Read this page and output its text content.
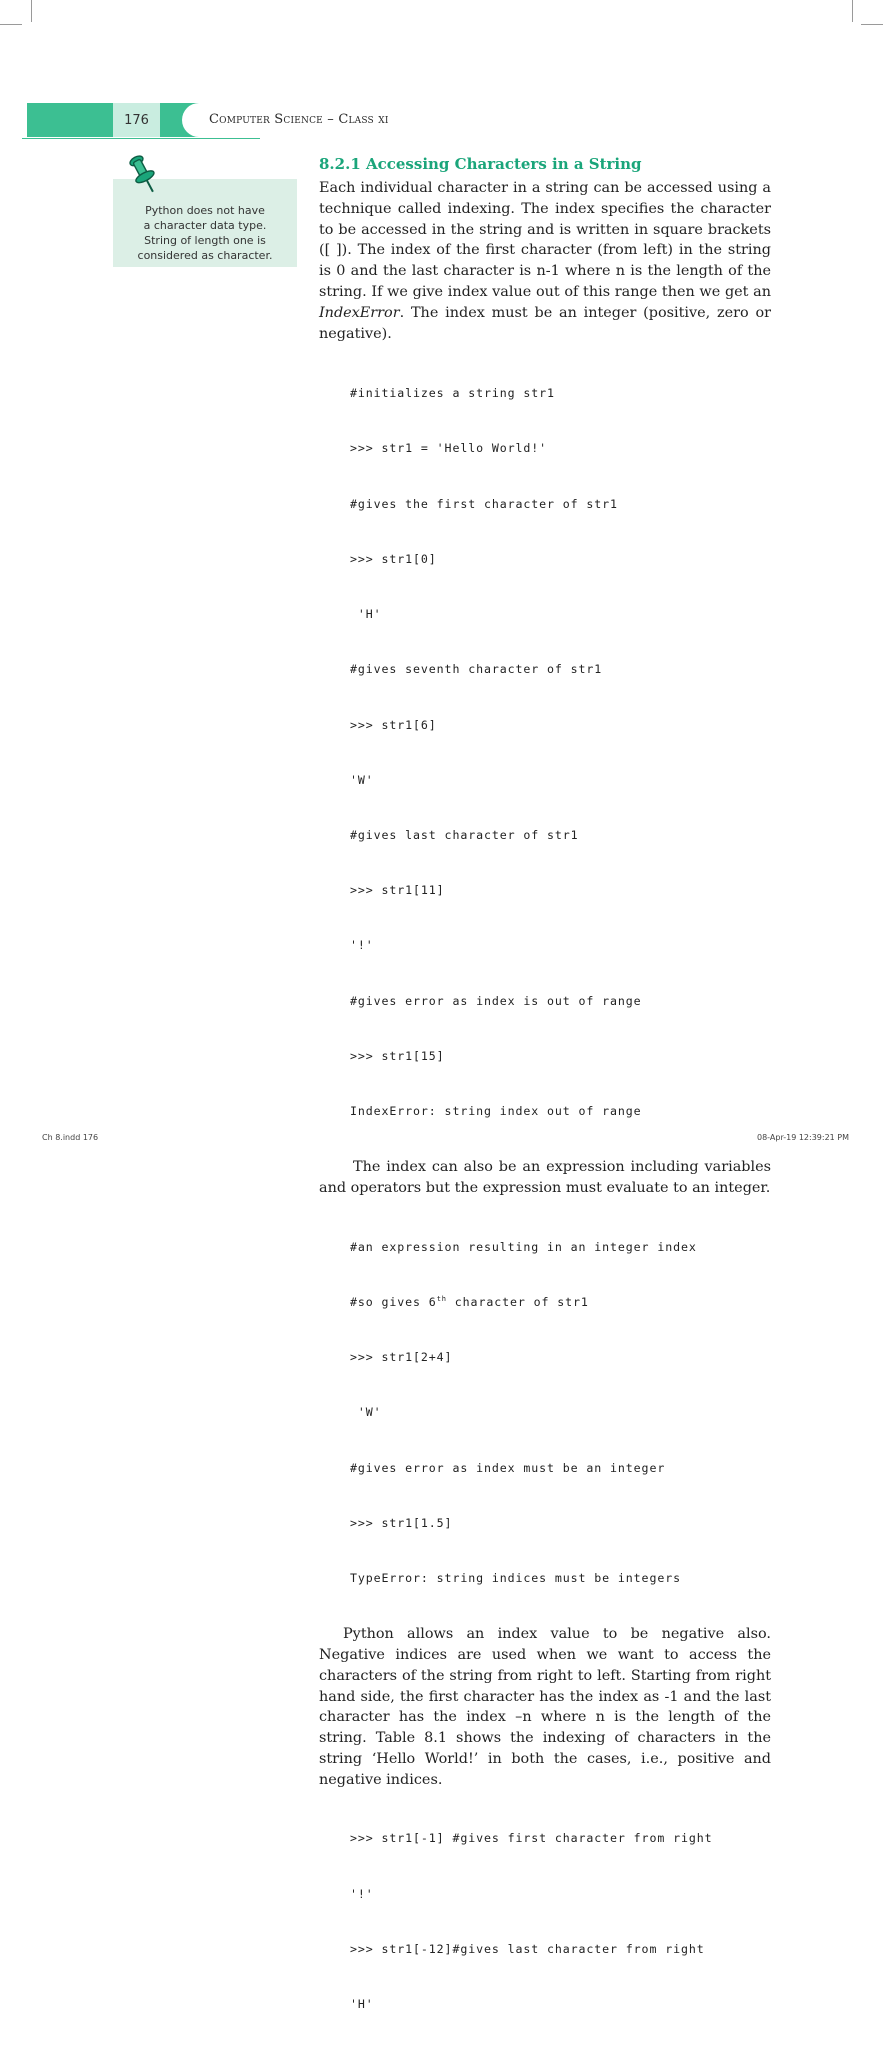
176	Computer Science – Class xi
Python does not have
a character data type.
String of length one is
considered as character.
8.2.1 Accessing Characters in a String

Each individual character in a string can be accessed using a technique called indexing. The index specifies the character to be accessed in the string and is written in square brackets ([ ]). The index of the first character (from left) in the string is 0 and the last character is n-1 where n is the length of the string. If we give index value out of this range then we get an IndexError. The index must be an integer (positive, zero or negative).

#initializes a string str1

>>> str1 = 'Hello World!'

#gives the first character of str1

>>> str1[0]

'H'

#gives seventh character of str1

>>> str1[6]

'W'

#gives last character of str1

>>> str1[11]

'!'

#gives error as index is out of range

>>> str1[15]

IndexError: string index out of range

The index can also be an expression including variables and operators but the expression must evaluate to an integer.

#an expression resulting in an integer index

#so gives 6th character of str1

>>> str1[2+4]

'W'

#gives error as index must be an integer

>>> str1[1.5]

TypeError: string indices must be integers

Python allows an index value to be negative also. Negative indices are used when we want to access the characters of the string from right to left. Starting from right hand side, the first character has the index as -1 and the last character has the index –n where n is the length of the string. Table 8.1 shows the indexing of characters in the string ‘Hello World!’ in both the cases, i.e., positive and negative indices.

>>> str1[-1] #gives first character from right

'!'

>>> str1[-12]#gives last character from right

'H'

Ch 8.indd 176	08-Apr-19 12:39:21 PM
